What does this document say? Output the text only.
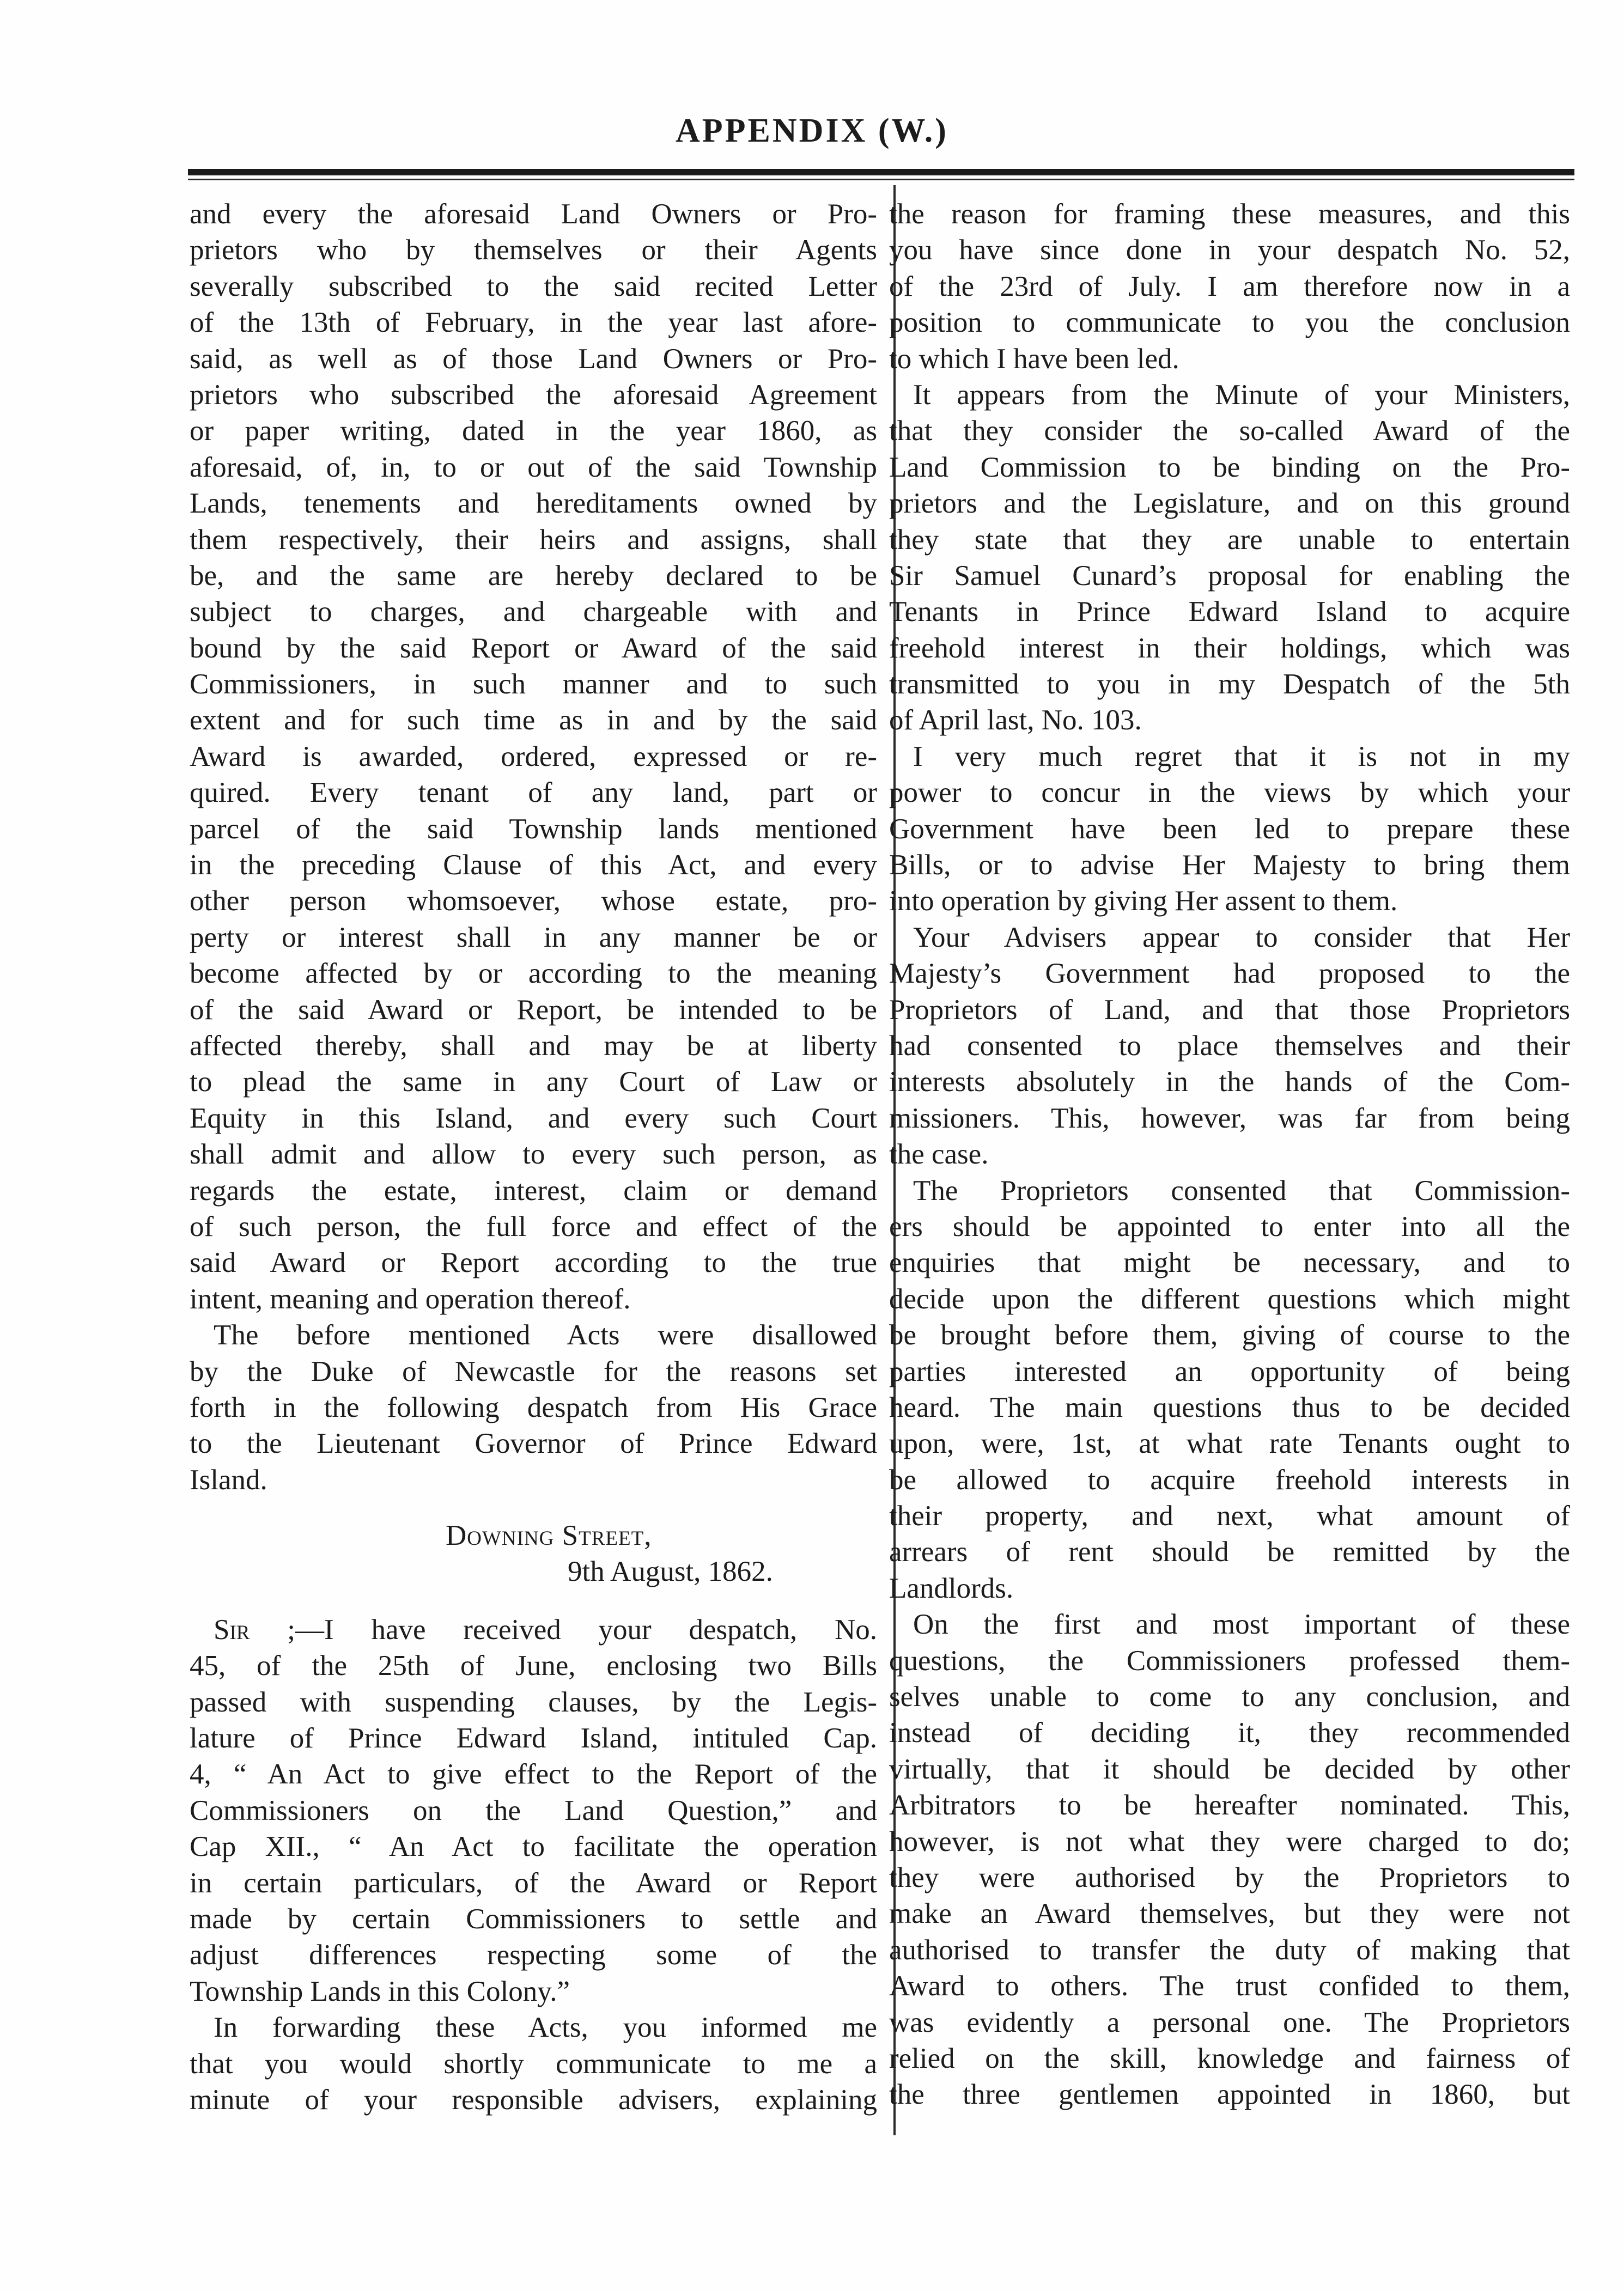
APPENDIX (W.)
and every the aforesaid Land Owners or Pro-
prietors who by themselves or their Agents
severally subscribed to the said recited Letter
of the 13th of February, in the year last afore-
said, as well as of those Land Owners or Pro-
prietors who subscribed the aforesaid Agreement
or paper writing, dated in the year 1860, as
aforesaid, of, in, to or out of the said Township
Lands, tenements and hereditaments owned by
them respectively, their heirs and assigns, shall
be, and the same are hereby declared to be
subject to charges, and chargeable with and
bound by the said Report or Award of the said
Commissioners, in such manner and to such
extent and for such time as in and by the said
Award is awarded, ordered, expressed or re-
quired. Every tenant of any land, part or
parcel of the said Township lands mentioned
in the preceding Clause of this Act, and every
other person whomsoever, whose estate, pro-
perty or interest shall in any manner be or
become affected by or according to the meaning
of the said Award or Report, be intended to be
affected thereby, shall and may be at liberty
to plead the same in any Court of Law or
Equity in this Island, and every such Court
shall admit and allow to every such person, as
regards the estate, interest, claim or demand
of such person, the full force and effect of the
said Award or Report according to the true
intent, meaning and operation thereof.
The before mentioned Acts were disallowed
by the Duke of Newcastle for the reasons set
forth in the following despatch from His Grace
to the Lieutenant Governor of Prince Edward
Island.
Downing Street,
9th August, 1862.
Sir ;—I have received your despatch, No.
45, of the 25th of June, enclosing two Bills
passed with suspending clauses, by the Legis-
lature of Prince Edward Island, intituled Cap.
4, “ An Act to give effect to the Report of the
Commissioners on the Land Question,” and
Cap XII., “ An Act to facilitate the operation
in certain particulars, of the Award or Report
made by certain Commissioners to settle and
adjust differences respecting some of the
Township Lands in this Colony.”
In forwarding these Acts, you informed me
that you would shortly communicate to me a
minute of your responsible advisers, explaining
the reason for framing these measures, and this
you have since done in your despatch No. 52,
of the 23rd of July. I am therefore now in a
position to communicate to you the conclusion
to which I have been led.
It appears from the Minute of your Ministers,
that they consider the so-called Award of the
Land Commission to be binding on the Pro-
prietors and the Legislature, and on this ground
they state that they are unable to entertain
Sir Samuel Cunard’s proposal for enabling the
Tenants in Prince Edward Island to acquire
freehold interest in their holdings, which was
transmitted to you in my Despatch of the 5th
of April last, No. 103.
I very much regret that it is not in my
power to concur in the views by which your
Government have been led to prepare these
Bills, or to advise Her Majesty to bring them
into operation by giving Her assent to them.
Your Advisers appear to consider that Her
Majesty’s Government had proposed to the
Proprietors of Land, and that those Proprietors
had consented to place themselves and their
interests absolutely in the hands of the Com-
missioners. This, however, was far from being
the case.
The Proprietors consented that Commission-
ers should be appointed to enter into all the
enquiries that might be necessary, and to
decide upon the different questions which might
be brought before them, giving of course to the
parties interested an opportunity of being
heard. The main questions thus to be decided
upon, were, 1st, at what rate Tenants ought to
be allowed to acquire freehold interests in
their property, and next, what amount of
arrears of rent should be remitted by the
Landlords.
On the first and most important of these
questions, the Commissioners professed them-
selves unable to come to any conclusion, and
instead of deciding it, they recommended
virtually, that it should be decided by other
Arbitrators to be hereafter nominated. This,
however, is not what they were charged to do;
they were authorised by the Proprietors to
make an Award themselves, but they were not
authorised to transfer the duty of making that
Award to others. The trust confided to them,
was evidently a personal one. The Proprietors
relied on the skill, knowledge and fairness of
the three gentlemen appointed in 1860, but
